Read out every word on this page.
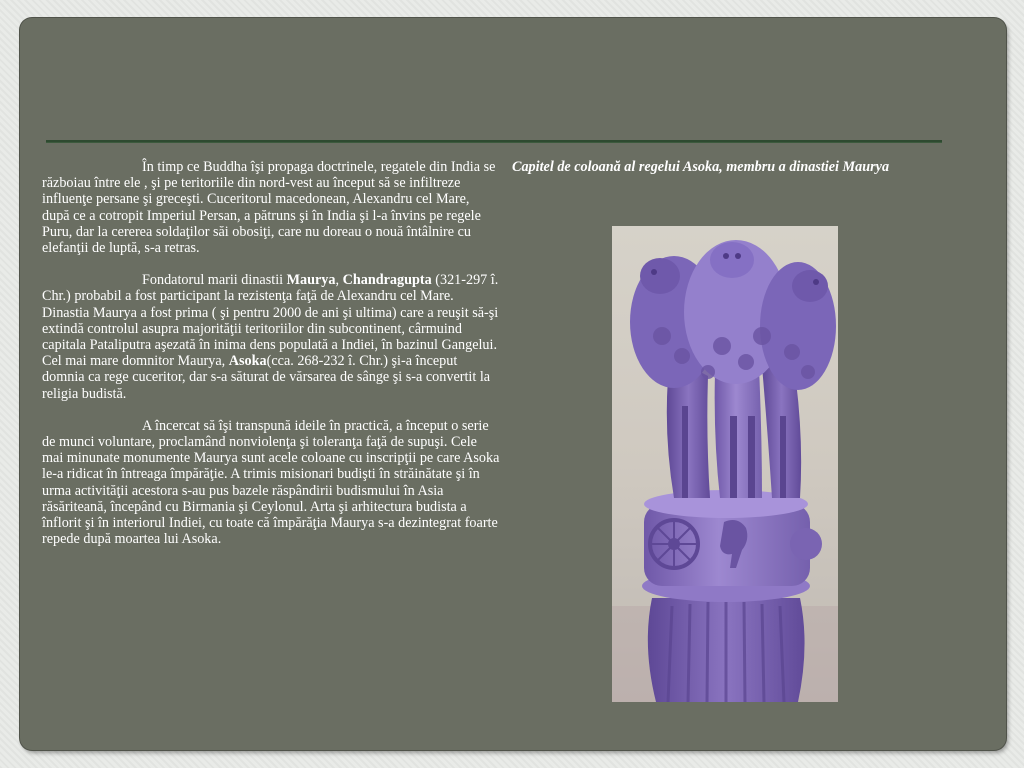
În timp ce Buddha îşi propaga doctrinele, regatele din India se războiau între ele , şi pe teritoriile din nord-vest au început să se infiltreze influenţe persane şi greceşti. Cuceritorul macedonean, Alexandru cel Mare, după ce a cotropit Imperiul Persan, a pătruns şi în India şi l-a învins pe regele Puru, dar la cererea soldaţilor săi obosiţi, care nu doreau o nouă întâlnire cu elefanţii de luptă, s-a retras.

Fondatorul marii dinastii Maurya, Chandragupta (321-297 î. Chr.) probabil a fost participant la rezistenţa faţă de Alexandru cel Mare. Dinastia Maurya a fost prima ( şi pentru 2000 de ani şi ultima) care a reuşit să-şi extindă controlul asupra majorităţii teritoriilor din subcontinent, cârmuind capitala Pataliputra aşezată în inima dens populată a Indiei, în bazinul Gangelui.

Cel mai mare domnitor Maurya, Asoka(cca. 268-232 î. Chr.) şi-a început domnia ca rege cuceritor, dar s-a săturat de vărsarea de sânge şi s-a convertit la religia budistă.

A încercat să îşi transpună ideile în practică, a început o serie de munci voluntare, proclamând nonviolenţa şi toleranţa faţă de supuşi. Cele mai minunate monumente Maurya sunt acele coloane cu inscripţii pe care Asoka le-a ridicat în întreaga împărăţie. A trimis misionari budişti în străinătate şi în urma activităţii acestora s-au pus bazele răspândirii budismului în Asia răsăriteană, începând cu Birmania şi Ceylonul. Arta şi arhitectura budista a înflorit şi în interiorul Indiei, cu toate că împărăţia Maurya s-a dezintegrat foarte repede după moartea lui Asoka.

Capitel de coloană al regelui Asoka, membru a dinastiei Maurya
